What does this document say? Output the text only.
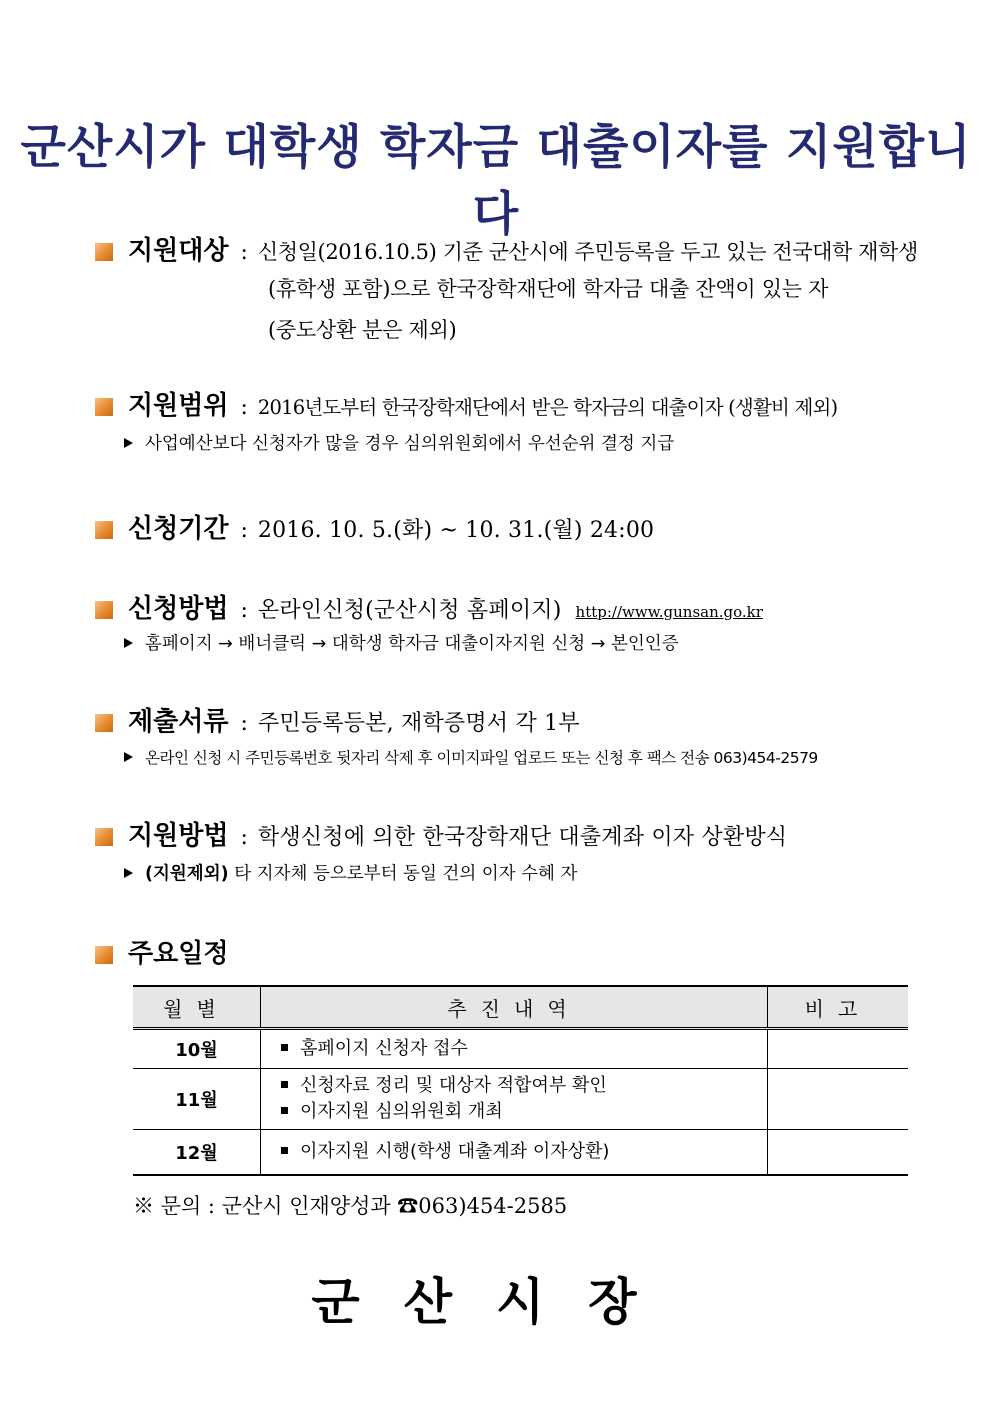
군산시가 대학생 학자금 대출이자를 지원합니다
지원대상 : 신청일(2016.10.5) 기준 군산시에 주민등록을 두고 있는 전국대학 재학생
(휴학생 포함)으로 한국장학재단에 학자금 대출 잔액이 있는 자
(중도상환 분은 제외)
지원범위 : 2016년도부터 한국장학재단에서 받은 학자금의 대출이자 (생활비 제외)
사업예산보다 신청자가 많을 경우 심의위원회에서 우선순위 결정 지급
신청기간 : 2016. 10. 5.(화) ~ 10. 31.(월) 24:00
신청방법 : 온라인신청(군산시청 홈페이지) http://www.gunsan.go.kr
홈페이지 → 배너클릭 → 대학생 학자금 대출이자지원 신청 → 본인인증
제출서류 : 주민등록등본, 재학증명서 각 1부
온라인 신청 시 주민등록번호 뒷자리 삭제 후 이미지파일 업로드 또는 신청 후 팩스 전송 063)454-2579
지원방법 : 학생신청에 의한 한국장학재단 대출계좌 이자 상환방식
(지원제외) 타 지자체 등으로부터 동일 건의 이자 수혜 자
주요일정
월별	추진내역	비고
10월	홈페이지 신청자 접수	

11월	신청자료 정리 및 대상자 적합여부 확인
이자지원 심의위원회 개최	

12월	이자지원 시행(학생 대출계좌 이자상환)	

※ 문의 : 군산시 인재양성과 ☎063)454-2585
군산시장
